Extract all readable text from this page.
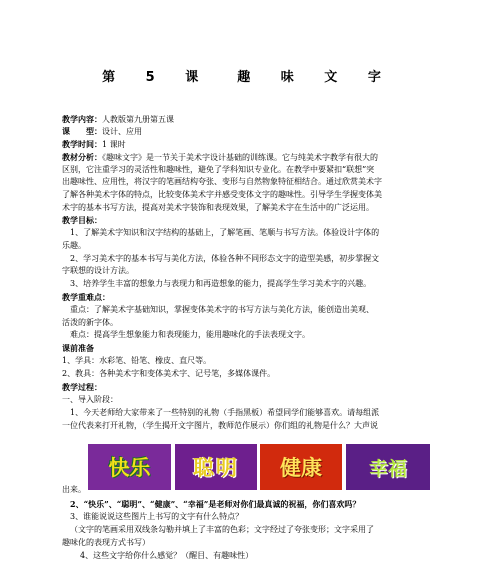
第 5 课　趣 味 文 字
教学内容：人教版第九册第五课
课　　型：设计、应用
教学时间：1 课时
教材分析：《趣味文字》是一节关于美术字设计基础的训练课。它与纯美术字教学有很大的
区别，它注重学习的灵活性和趣味性，避免了学科知识专业化。在教学中要紧扣“联想”突
出趣味性、应用性，将汉字的笔画结构夸张、变形与自然物象特征相结合。通过欣赏美术字
了解各种美术字体的特点，比较变体美术字并感受变体文字的趣味性。引导学生学握变体美
术字的基本书写方法，提高对美术字装饰和表现效果，了解美术字在生活中的广泛运用。
教学目标：
1、了解美术字知识和汉字结构的基础上，了解笔画、笔顺与书写方法。体验设计字体的
乐趣。
2、学习美术字的基本书写与美化方法，体验各种不同形态文字的造型美感，初步掌握文
字联想的设计方法。
3、培养学生丰富的想象力与表现力和再造想象的能力，提高学生学习美术字的兴趣。
教学重难点：
重点：了解美术字基础知识，掌握变体美术字的书写方法与美化方法，能创造出美观、
活泼的新字体。
难点：提高学生想象能力和表现能力，能用趣味化的手法表现文字。
课前准备
1、学具：水彩笔、铅笔、橡皮、直尺等。
2、教具：各种美术字和变体美术字、记号笔，多媒体课件。
教学过程：
一、导入阶段：
1、今天老师给大家带来了一些特别的礼物（手指黑板）希望同学们能够喜欢。请每组派
一位代表来打开礼物，（学生揭开文字图片，教师范作展示）你们组的礼物是什么？大声说
快乐	聪明	健康	幸福
出来。
2、“快乐”、“聪明”、“健康”、“幸福”是老师对你们最真诚的祝福，你们喜欢吗？
3、谁能说说这些图片上书写的文字有什么特点？
（文字的笔画采用双线条勾勒并填上了丰富的色彩；文字经过了夸张变形；文字采用了
趣味化的表现方式书写）
4、这些文字给你什么感觉？（醒目、有趣味性）
